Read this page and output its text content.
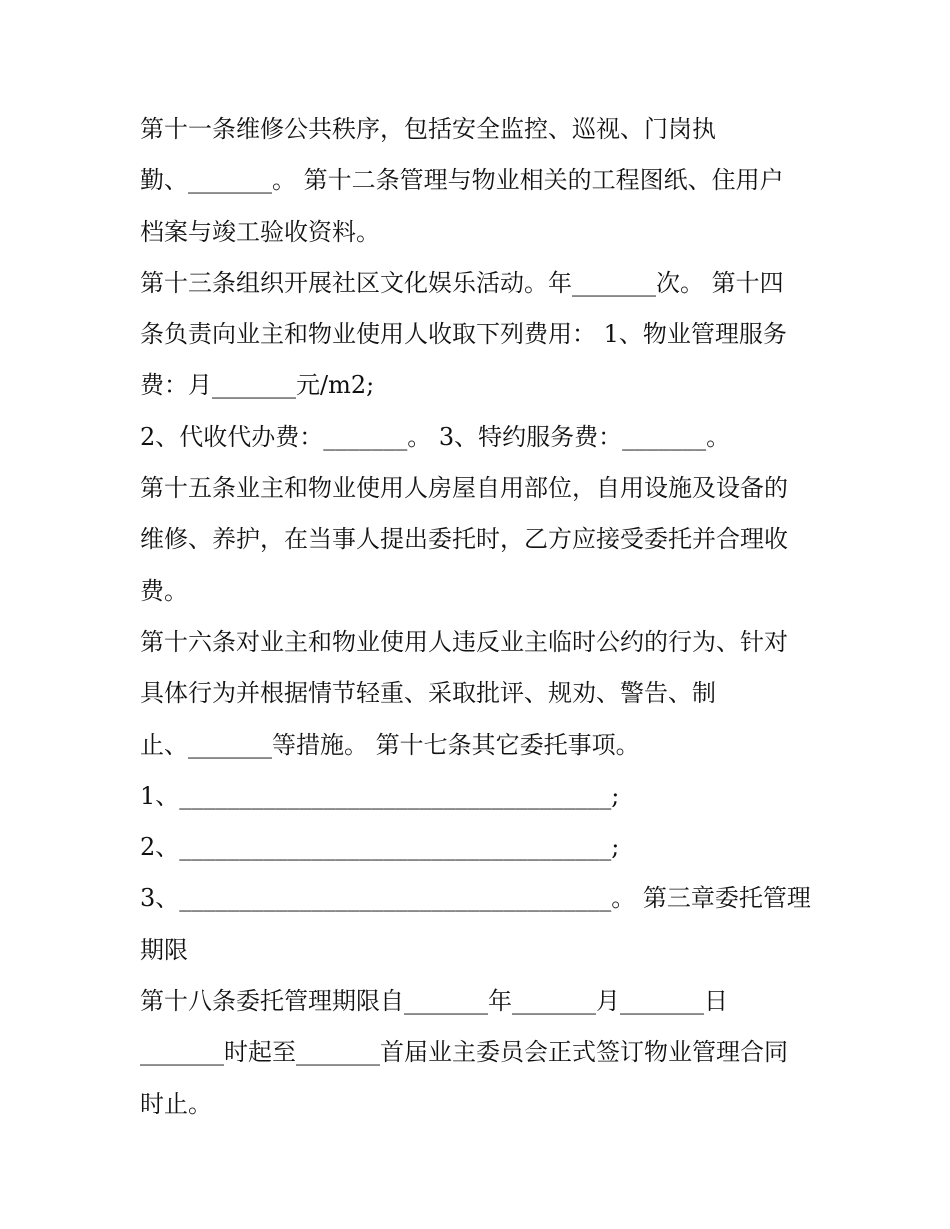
第十一条维修公共秩序，包括安全监控、巡视、门岗执
勤、_______。 第十二条管理与物业相关的工程图纸、住用户
档案与竣工验收资料。
第十三条组织开展社区文化娱乐活动。年_______次。 第十四
条负责向业主和物业使用人收取下列费用： 1、物业管理服务
费：月_______元/m2;
2、代收代办费：_______。 3、特约服务费：_______。
第十五条业主和物业使用人房屋自用部位，自用设施及设备的
维修、养护，在当事人提出委托时，乙方应接受委托并合理收
费。
第十六条对业主和物业使用人违反业主临时公约的行为、针对
具体行为并根据情节轻重、采取批评、规劝、警告、制
止、_______等措施。 第十七条其它委托事项。
1、____________________________________;
2、____________________________________;
3、____________________________________。 第三章委托管理
期限
第十八条委托管理期限自_______年_______月_______日
_______时起至_______首届业主委员会正式签订物业管理合同
时止。
